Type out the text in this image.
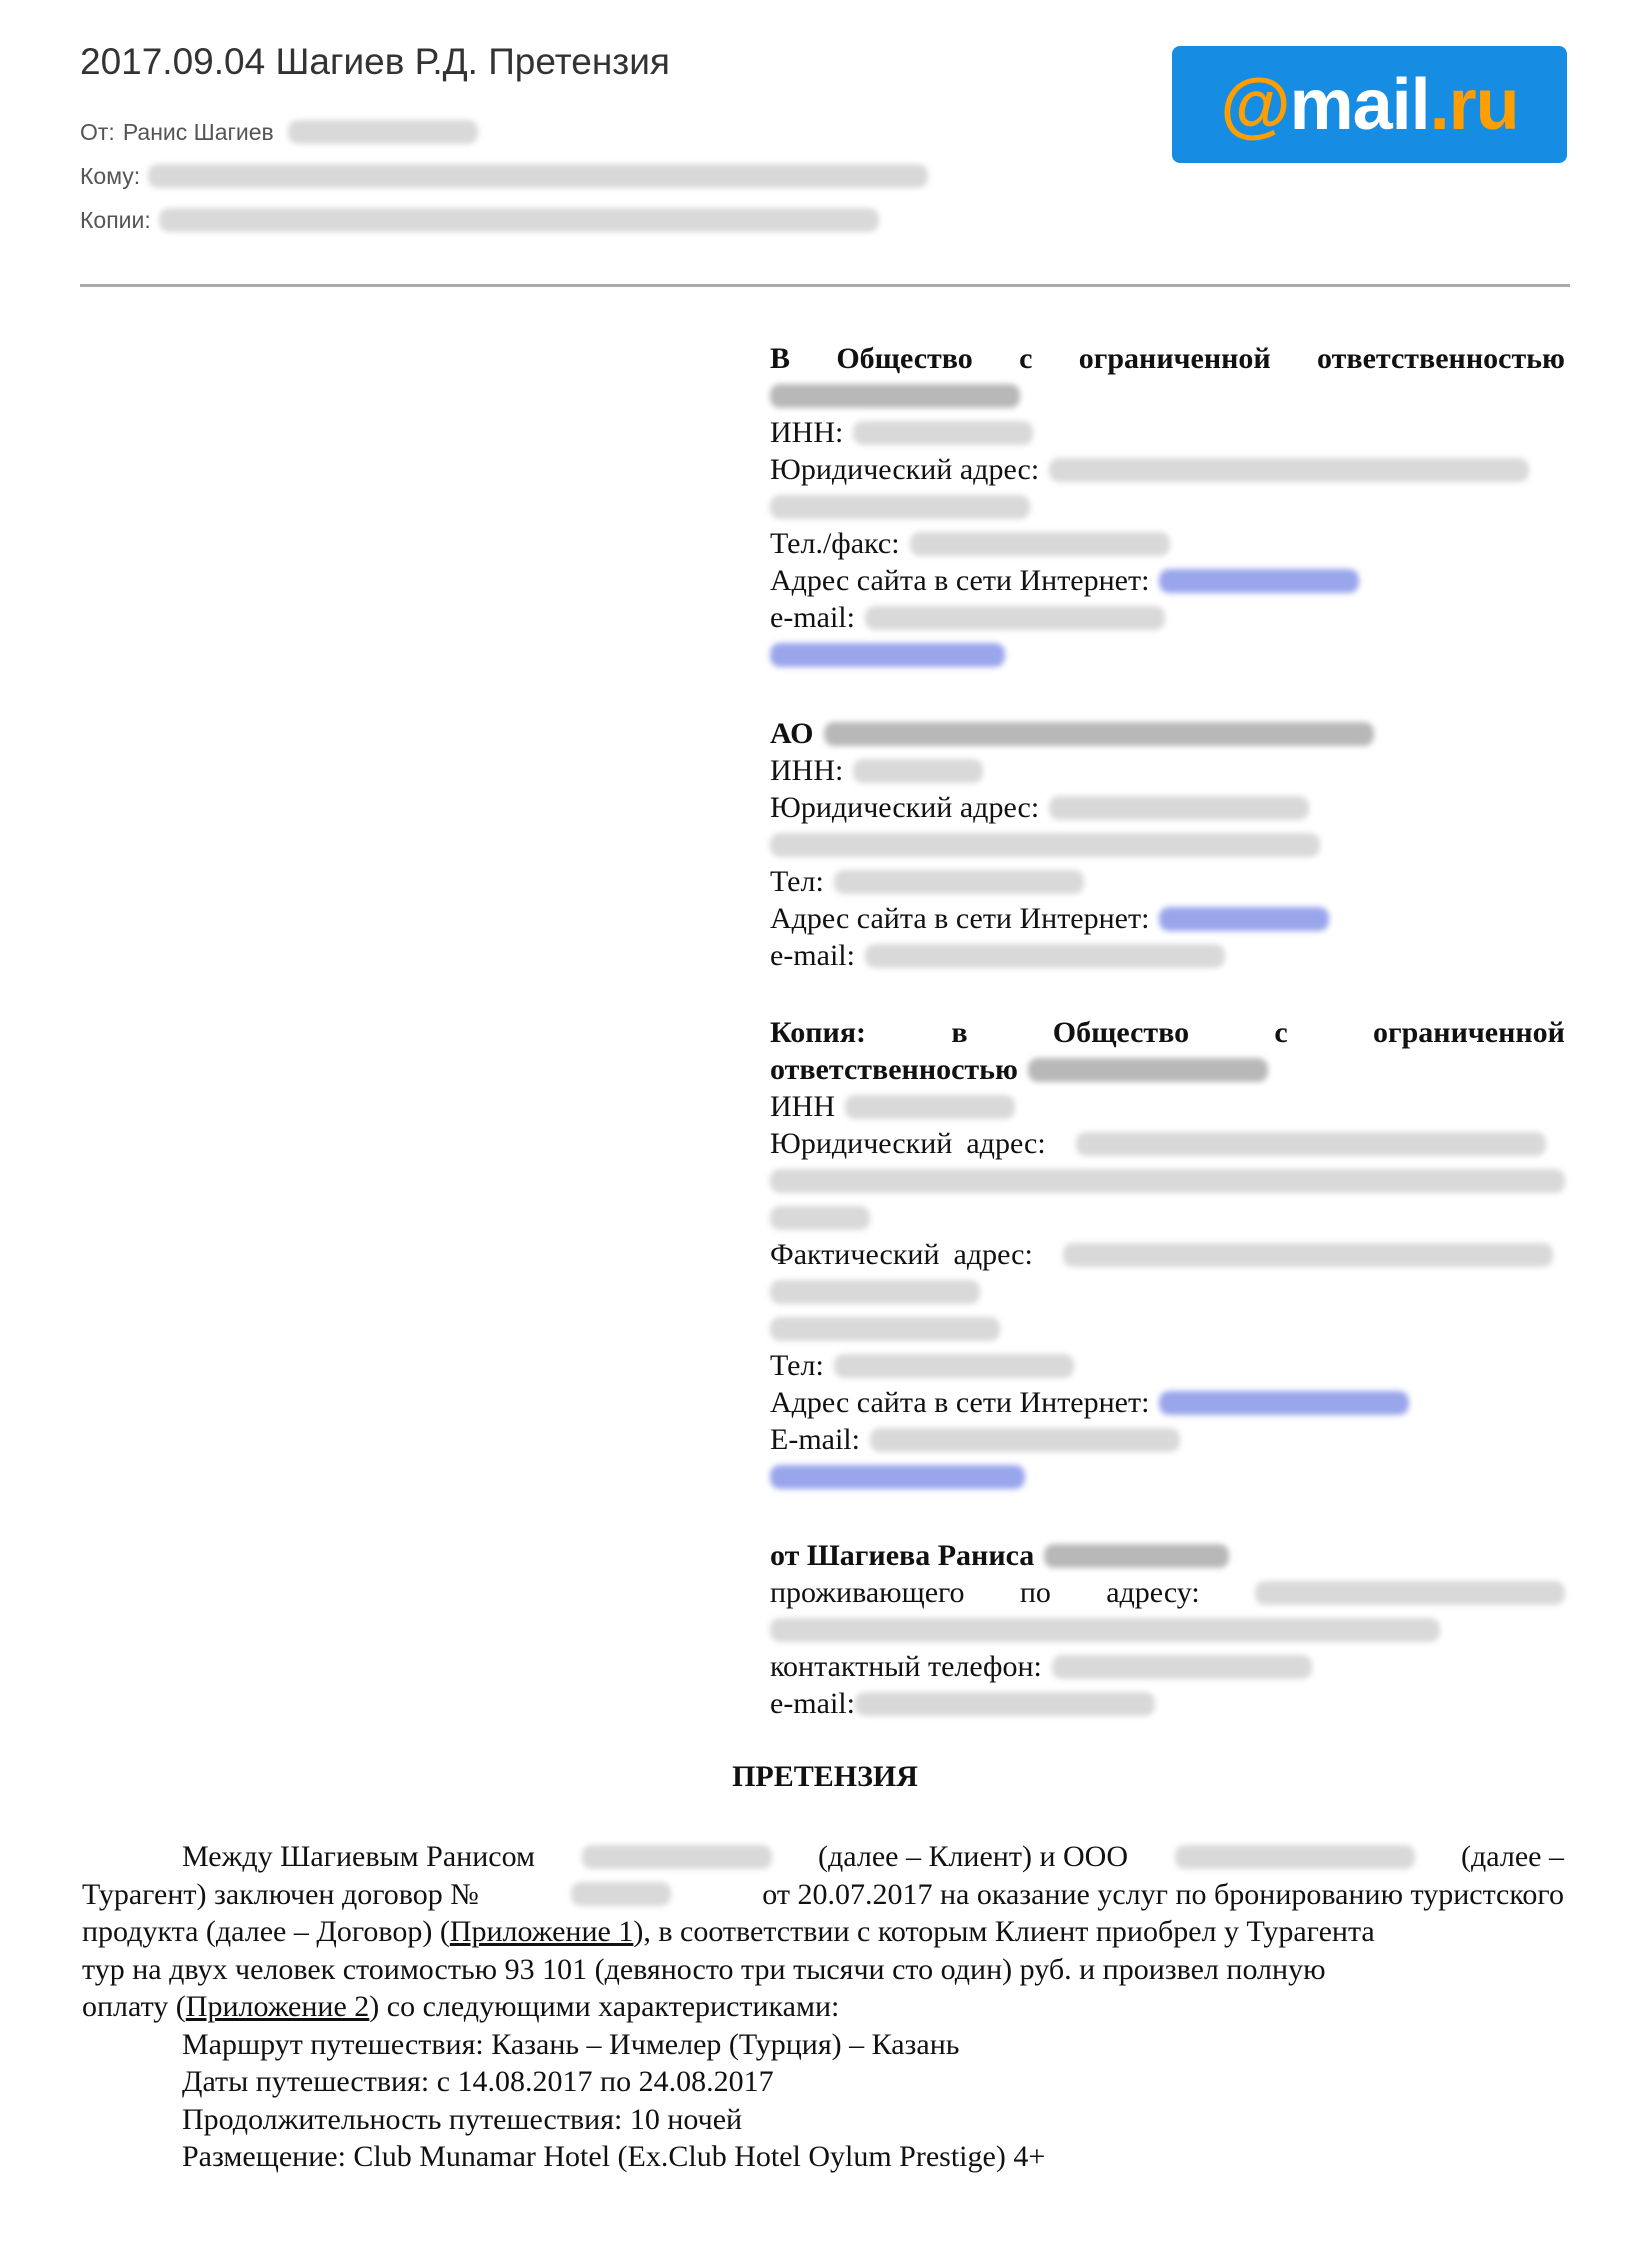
2017.09.04 Шагиев Р.Д. Претензия
От: Ранис Шагиев
Кому:
Копии:
@ mail . ru
В Общество с ограниченной ответственностью
ИНН:
Юридический адрес:
Тел./факс:
Адрес сайта в сети Интернет:
e-mail:
АО
ИНН:
Юридический адрес:
Тел:
Адрес сайта в сети Интернет:
e-mail:
Копия:	в	Общество	с	ограниченной
ответственностью
ИНН
Юридический адрес:
Фактический адрес:
Тел:
Адрес сайта в сети Интернет:
E-mail:
от Шагиева Раниса
проживающего по адресу:
контактный телефон:
e-mail:
ПРЕТЕНЗИЯ
Между Шагиевым Ранисом	(далее – Клиент) и ООО	(далее –
Турагент) заключен договор №	от 20.07.2017 на оказание услуг по бронированию туристского
продукта (далее – Договор) (Приложение 1), в соответствии с которым Клиент приобрел у Турагента
тур на двух человек стоимостью 93 101 (девяносто три тысячи сто один) руб. и произвел полную
оплату ( Приложение 2 ) со следующими характеристиками:
Маршрут путешествия: Казань – Ичмелер (Турция) – Казань
Даты путешествия: с 14.08.2017 по 24.08.2017
Продолжительность путешествия: 10 ночей
Размещение: Club Munamar Hotel (Ex.Club Hotel Oylum Prestige) 4+
